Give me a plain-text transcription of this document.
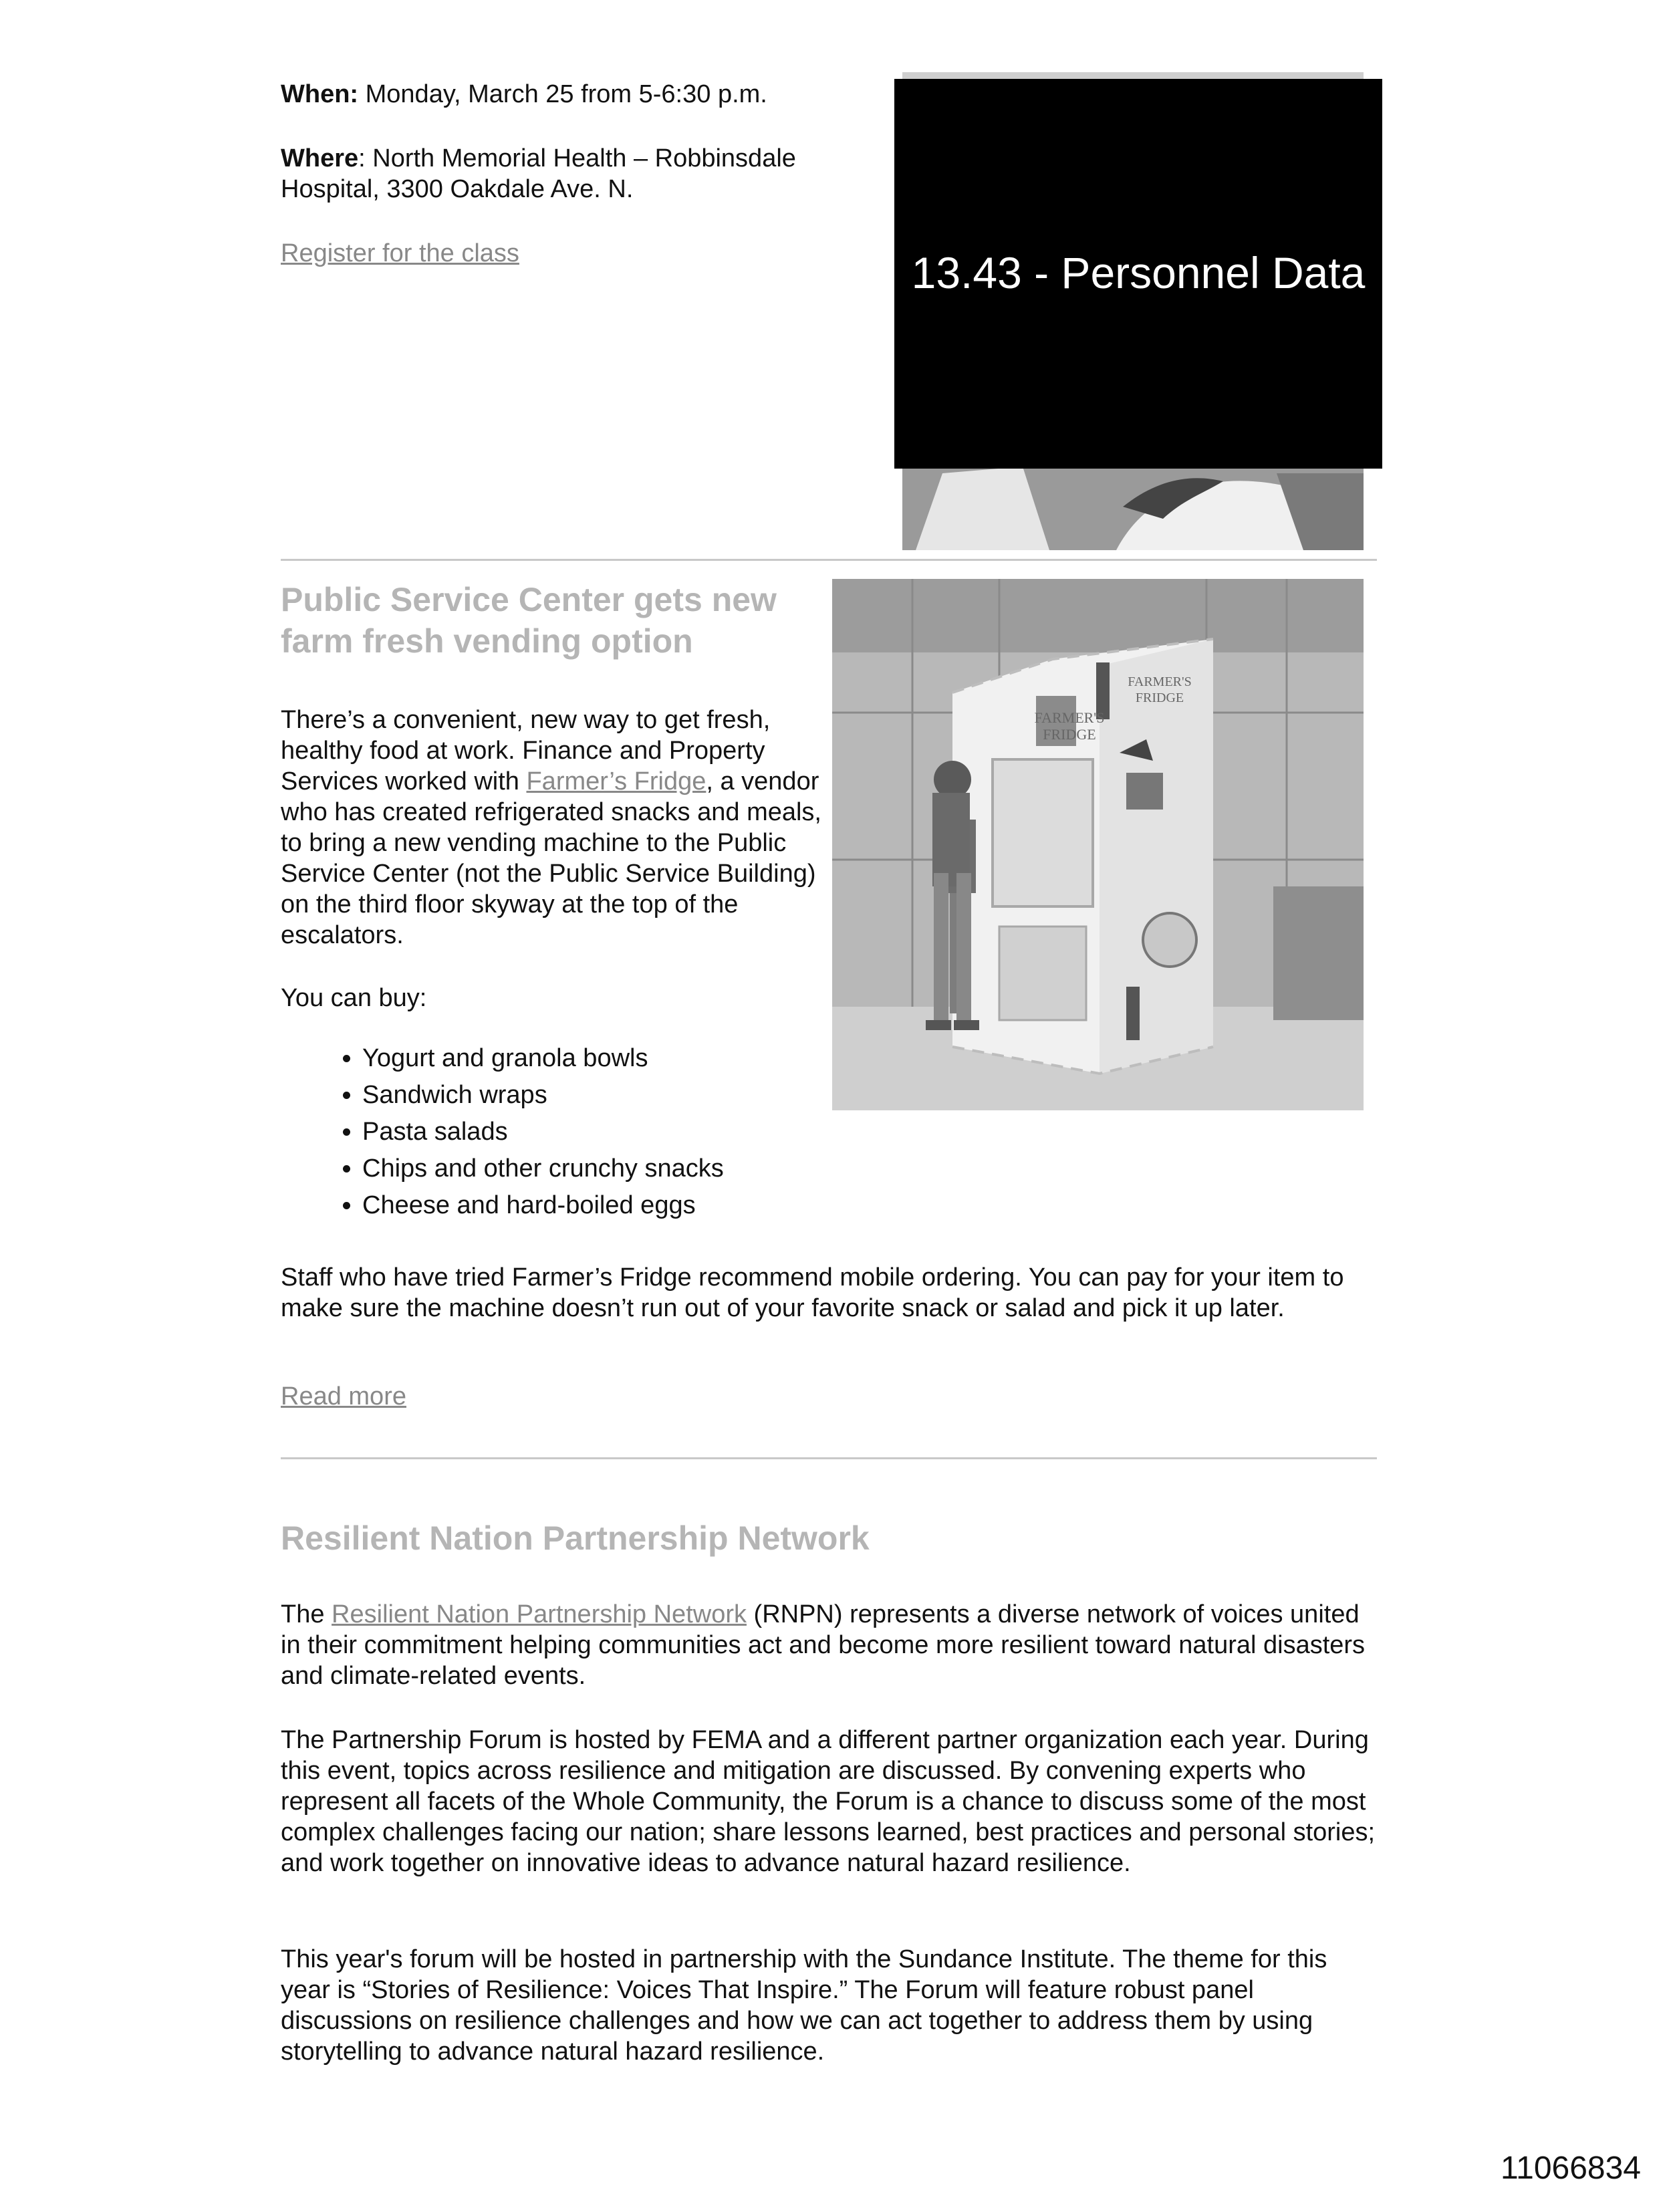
When: Monday, March 25 from 5-6:30 p.m.

Where: North Memorial Health – Robbinsdale Hospital, 3300 Oakdale Ave. N.

Register for the class	13.43 - Personnel Data
Public Service Center gets new farm fresh vending option

There’s a convenient, new way to get fresh, healthy food at work. Finance and Property Services worked with Farmer’s Fridge, a vendor who has created refrigerated snacks and meals, to bring a new vending machine to the Public Service Center (not the Public Service Building) on the third floor skyway at the top of the escalators.

You can buy:

• Yogurt and granola bowls
• Sandwich wraps
• Pasta salads
• Chips and other crunchy snacks
• Cheese and hard-boiled eggs

Staff who have tried Farmer’s Fridge recommend mobile ordering. You can pay for your item to make sure the machine doesn’t run out of your favorite snack or salad and pick it up later.

Read more
FARMER'S
FRIDGE
FARMER'S
FRIDGE
Resilient Nation Partnership Network

The Resilient Nation Partnership Network (RNPN) represents a diverse network of voices united in their commitment helping communities act and become more resilient toward natural disasters and climate-related events.

The Partnership Forum is hosted by FEMA and a different partner organization each year. During this event, topics across resilience and mitigation are discussed. By convening experts who represent all facets of the Whole Community, the Forum is a chance to discuss some of the most complex challenges facing our nation; share lessons learned, best practices and personal stories; and work together on innovative ideas to advance natural hazard resilience.

This year's forum will be hosted in partnership with the Sundance Institute. The theme for this year is “Stories of Resilience: Voices That Inspire.” The Forum will feature robust panel discussions on resilience challenges and how we can act together to address them by using storytelling to advance natural hazard resilience.

11066834
